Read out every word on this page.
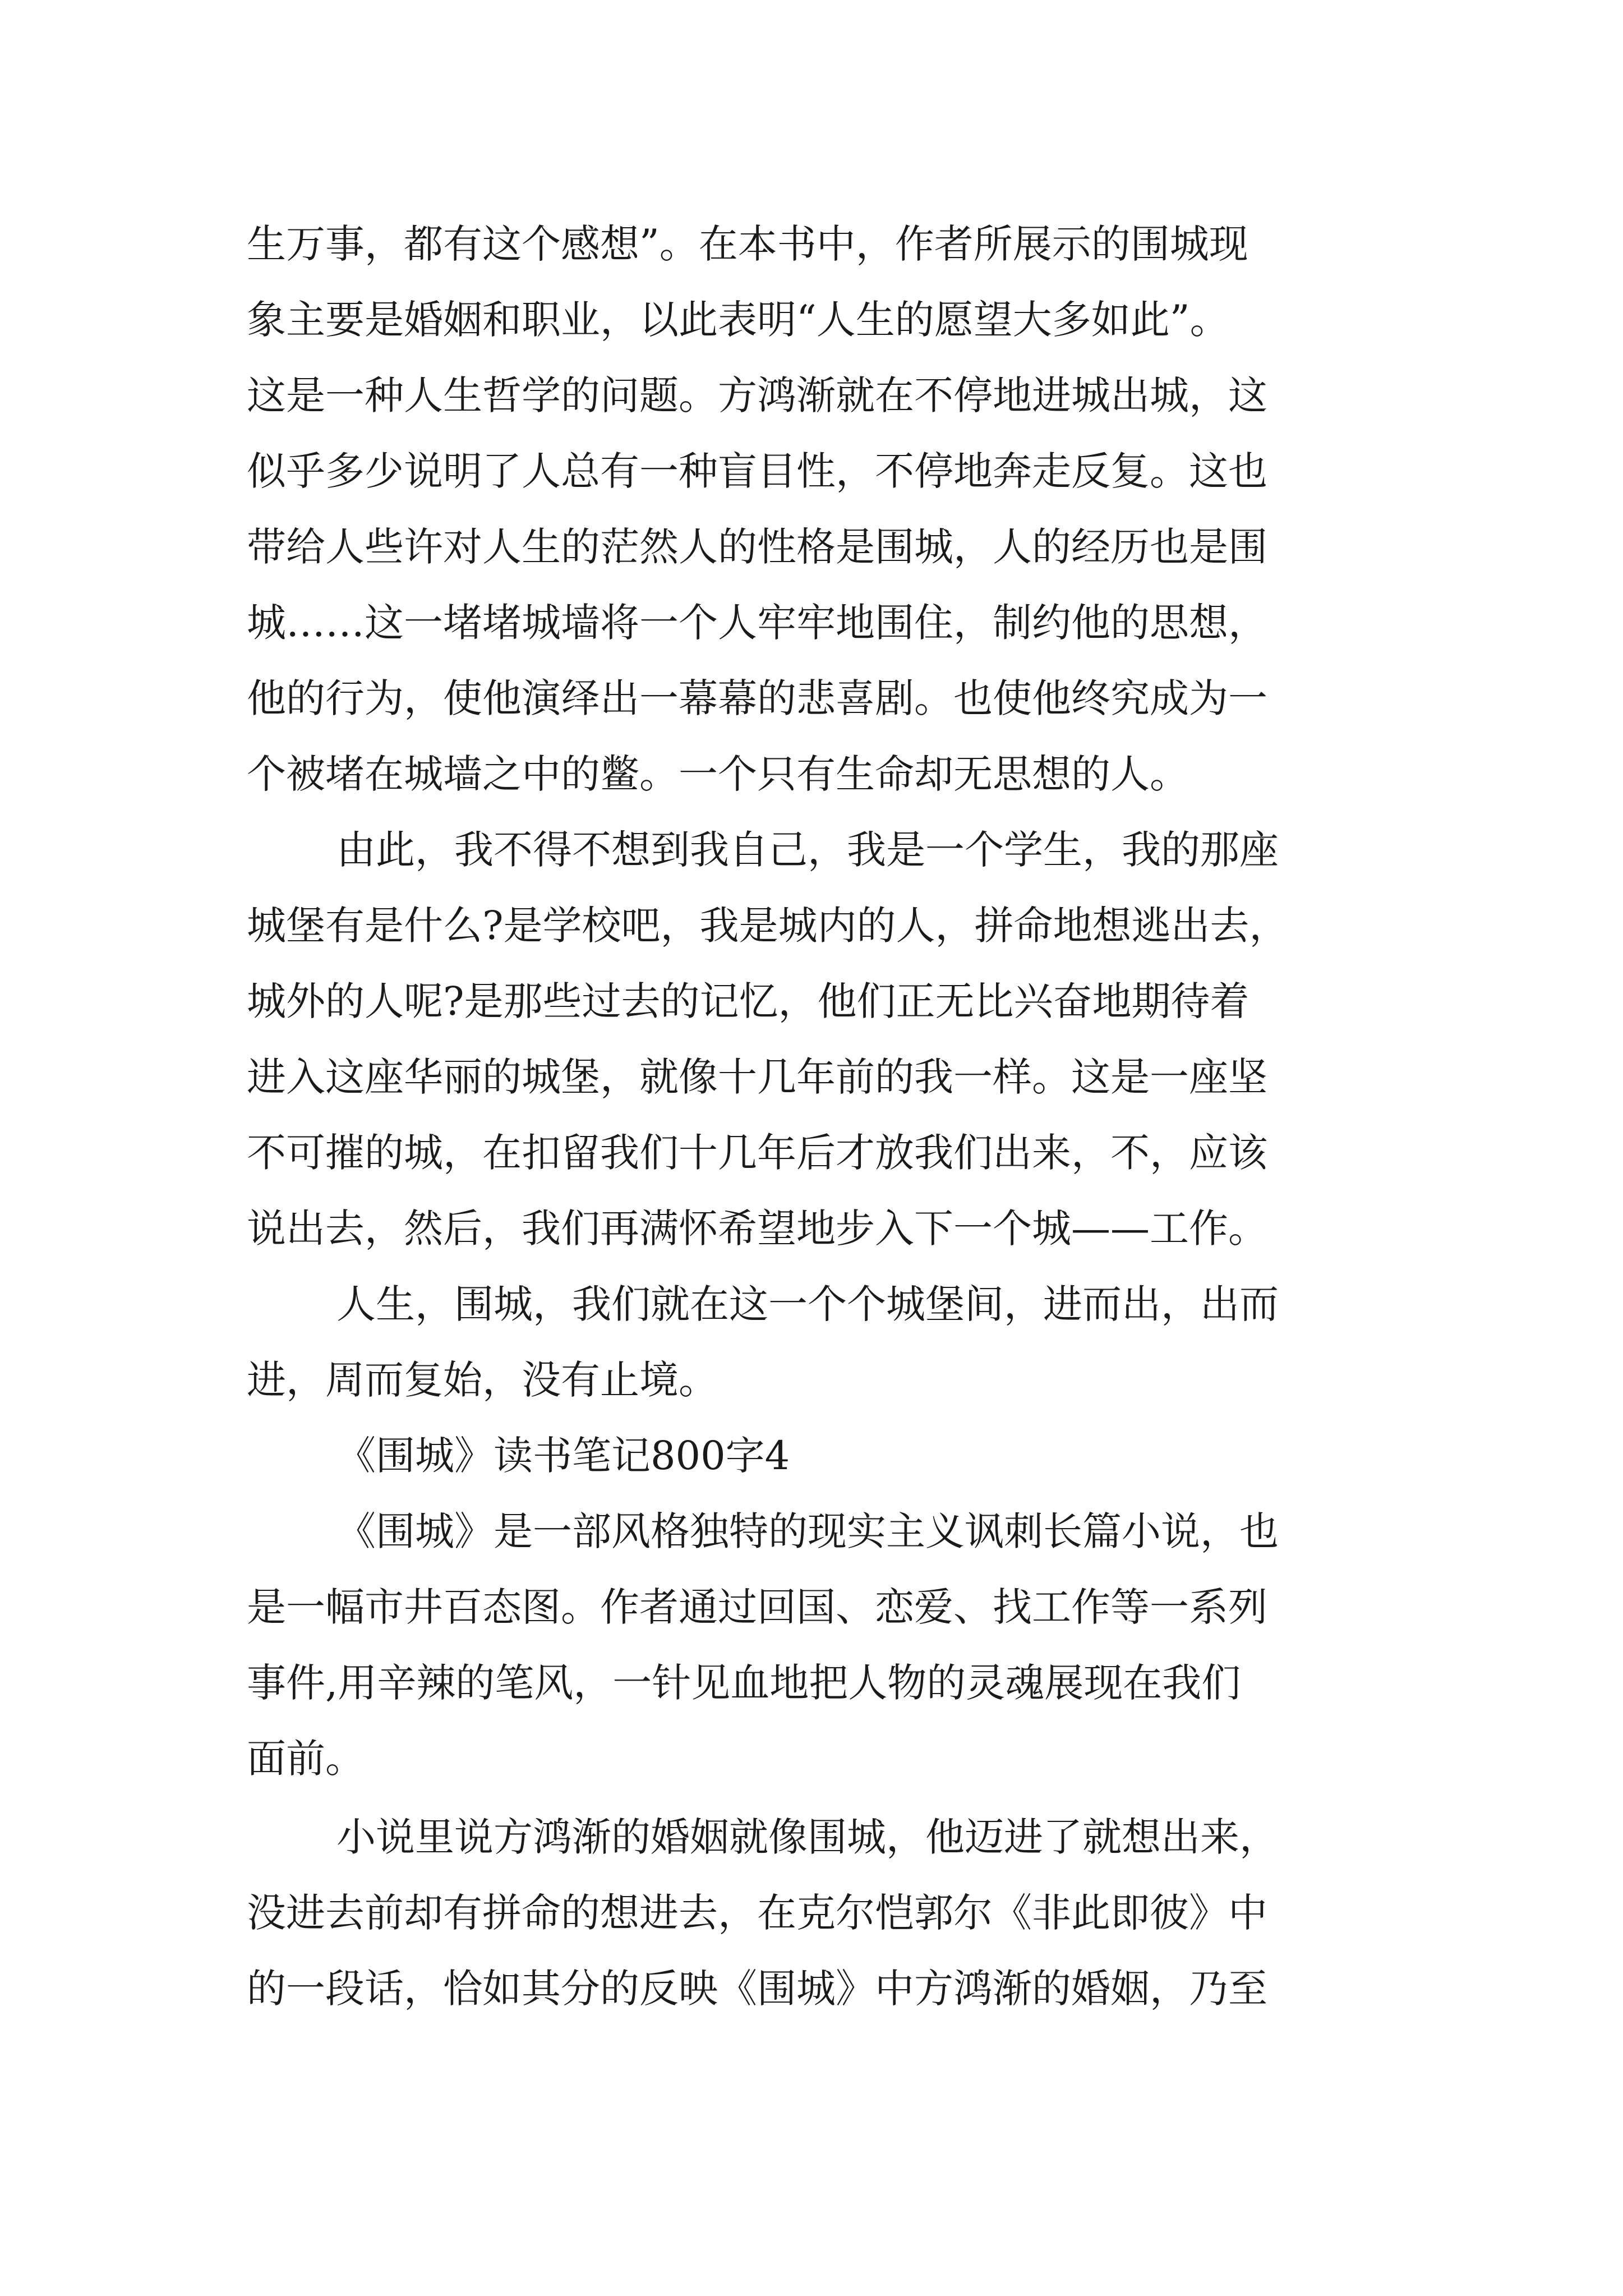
生万事，都有这个感想”。在本书中，作者所展示的围城现

象主要是婚姻和职业，以此表明“人生的愿望大多如此”。

这是一种人生哲学的问题。方鸿渐就在不停地进城出城，这

似乎多少说明了人总有一种盲目性，不停地奔走反复。这也

带给人些许对人生的茫然人的性格是围城，人的经历也是围

城……这一堵堵城墙将一个人牢牢地围住，制约他的思想，

他的行为，使他演绎出一幕幕的悲喜剧。也使他终究成为一

个被堵在城墙之中的鳖。一个只有生命却无思想的人。

由此，我不得不想到我自己，我是一个学生，我的那座

城堡有是什么?是学校吧，我是城内的人，拼命地想逃出去，

城外的人呢?是那些过去的记忆，他们正无比兴奋地期待着

进入这座华丽的城堡，就像十几年前的我一样。这是一座坚

不可摧的城，在扣留我们十几年后才放我们出来，不，应该

说出去，然后，我们再满怀希望地步入下一个城——工作。

人生，围城，我们就在这一个个城堡间，进而出，出而

进，周而复始，没有止境。

《围城》读书笔记800字4

《围城》是一部风格独特的现实主义讽刺长篇小说，也

是一幅市井百态图。作者通过回国、恋爱、找工作等一系列

事件,用辛辣的笔风，一针见血地把人物的灵魂展现在我们

面前。

小说里说方鸿渐的婚姻就像围城，他迈进了就想出来，

没进去前却有拼命的想进去，在克尔恺郭尔《非此即彼》中

的一段话，恰如其分的反映《围城》中方鸿渐的婚姻，乃至
